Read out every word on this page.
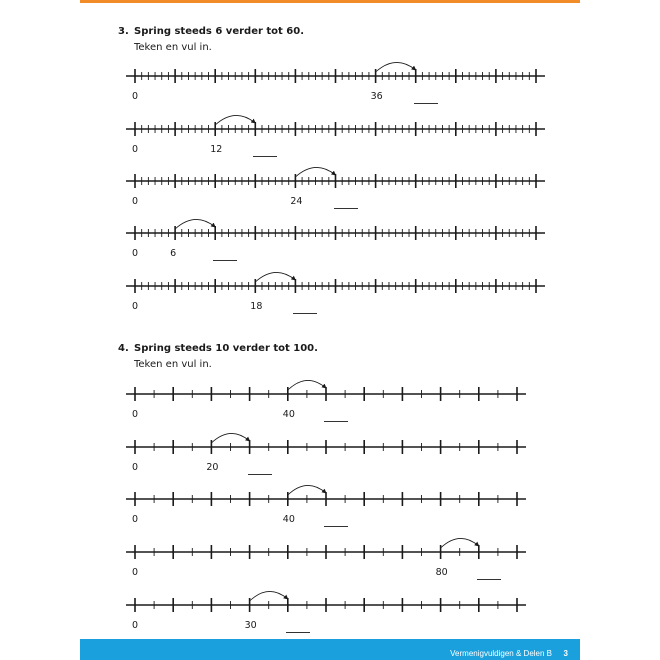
3. Spring steeds 6 verder tot 60.
Teken en vul in.
4. Spring steeds 10 verder tot 100.
Teken en vul in.
0	36
0	12
0	24
0	6
0	18
0	40
0	20
0	40
0	80
0	30
Vermenigvuldigen & Delen B 3
